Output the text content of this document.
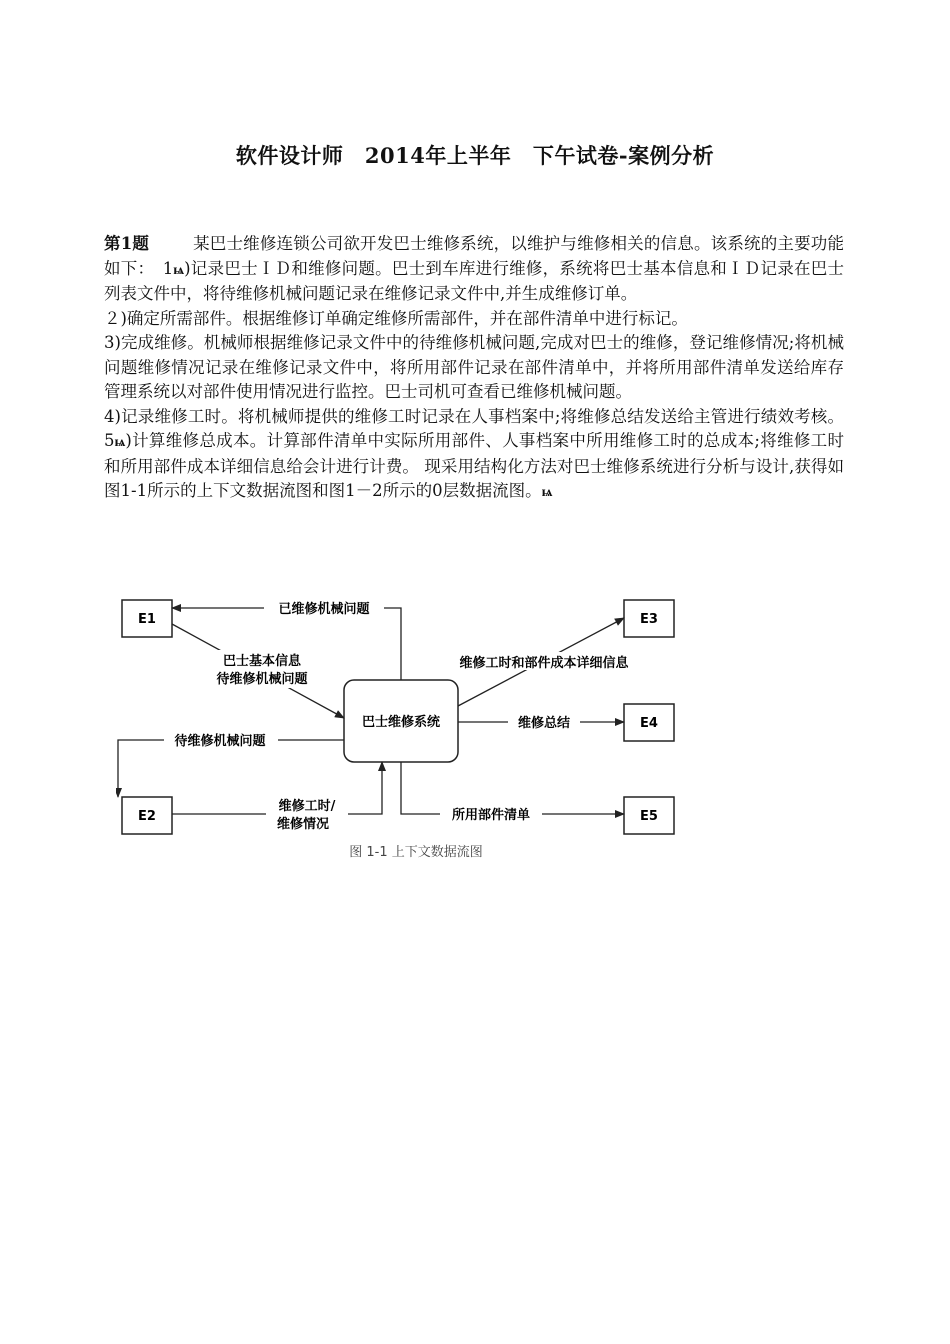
软件设计师　2014年上半年　下午试卷-案例分析

第1题	某巴士维修连锁公司欲开发巴士维修系统，以维护与维修相关的信息。该系统的主要功能如下：　1ѩ)记录巴士ＩＤ和维修问题。巴士到车库进行维修，系统将巴士基本信息和ＩＤ记录在巴士列表文件中，将待维修机械问题记录在维修记录文件中,并生成维修订单。

２)确定所需部件。根据维修订单确定维修所需部件，并在部件清单中进行标记。

3)完成维修。机械师根据维修记录文件中的待维修机械问题,完成对巴士的维修，登记维修情况;将机械问题维修情况记录在维修记录文件中，将所用部件记录在部件清单中，并将所用部件清单发送给库存管理系统以对部件使用情况进行监控。巴士司机可查看已维修机械问题。

4)记录维修工时。将机械师提供的维修工时记录在人事档案中;将维修总结发送给主管进行绩效考核。 5ѩ)计算维修总成本。计算部件清单中实际所用部件、人事档案中所用维修工时的总成本;将维修工时和所用部件成本详细信息给会计进行计费。 现采用结构化方法对巴士维修系统进行分析与设计,获得如图1-1所示的上下文数据流图和图1－2所示的0层数据流图。ѩ

E1
E2
E3
E4
E5
巴士维修系统
已维修机械问题
巴士基本信息
待维修机械问题
待维修机械问题
维修工时/
维修情况
维修工时和部件成本详细信息
维修总结
所用部件清单
图 1-1 上下文数据流图
